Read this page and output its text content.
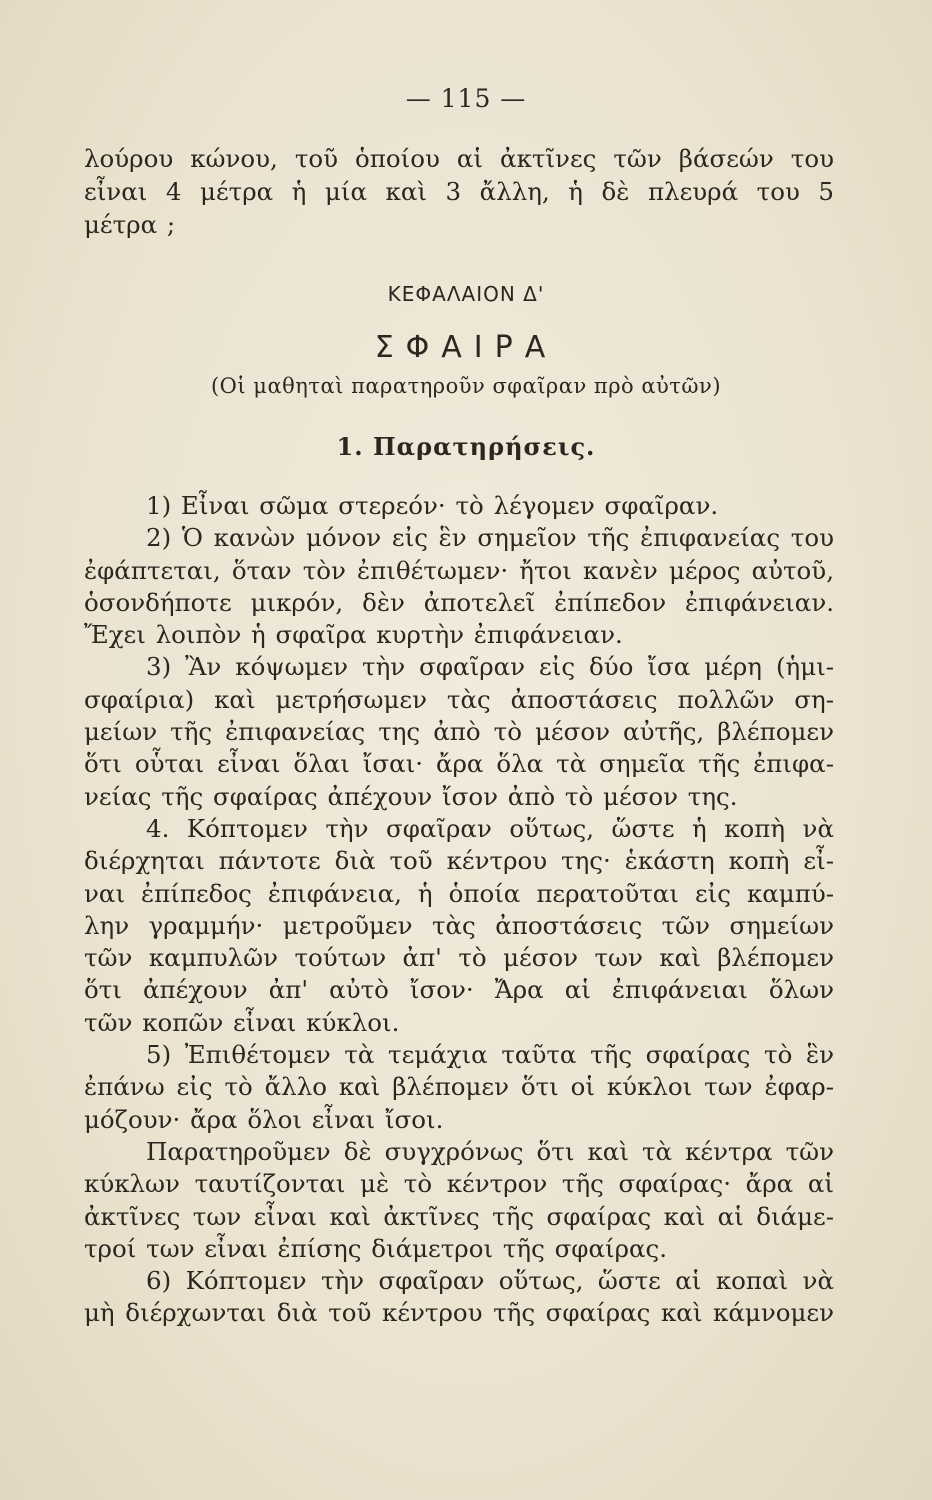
— 115 —
λούρου κώνου, τοῦ ὁποίου αἱ ἀκτῖνες τῶν βάσεών του
εἶναι 4 μέτρα ἡ μία καὶ 3 ἄλλη, ἡ δὲ πλευρά του 5
μέτρα ;
ΚΕΦΑΛΑΙΟΝ Δ'
ΣΦΑΙΡΑ
(Οἱ μαθηταὶ παρατηροῦν σφαῖραν πρὸ αὐτῶν)
1. Παρατηρήσεις.
1) Εἶναι σῶμα στερεόν· τὸ λέγομεν σφαῖραν.
2) Ὁ κανὼν μόνον εἰς ἓν σημεῖον τῆς ἐπιφανείας του
ἐφάπτεται, ὅταν τὸν ἐπιθέτωμεν· ἤτοι κανὲν μέρος αὐτοῦ,
ὁσονδήποτε μικρόν, δὲν ἀποτελεῖ ἐπίπεδον ἐπιφάνειαν.
Ἔχει λοιπὸν ἡ σφαῖρα κυρτὴν ἐπιφάνειαν.
3) Ἂν κόψωμεν τὴν σφαῖραν εἰς δύο ἴσα μέρη (ἡμι-
σφαίρια) καὶ μετρήσωμεν τὰς ἀποστάσεις πολλῶν ση-
μείων τῆς ἐπιφανείας της ἀπὸ τὸ μέσον αὐτῆς, βλέπομεν
ὅτι οὗται εἶναι ὅλαι ἴσαι· ἄρα ὅλα τὰ σημεῖα τῆς ἐπιφα-
νείας τῆς σφαίρας ἀπέχουν ἴσον ἀπὸ τὸ μέσον της.
4. Κόπτομεν τὴν σφαῖραν οὕτως, ὥστε ἡ κοπὴ νὰ
διέρχηται πάντοτε διὰ τοῦ κέντρου της· ἑκάστη κοπὴ εἶ-
ναι ἐπίπεδος ἐπιφάνεια, ἡ ὁποία περατοῦται εἰς καμπύ-
λην γραμμήν· μετροῦμεν τὰς ἀποστάσεις τῶν σημείων
τῶν καμπυλῶν τούτων ἀπ' τὸ μέσον των καὶ βλέπομεν
ὅτι ἀπέχουν ἀπ' αὐτὸ ἴσον· Ἄρα αἱ ἐπιφάνειαι ὅλων
τῶν κοπῶν εἶναι κύκλοι.
5) Ἐπιθέτομεν τὰ τεμάχια ταῦτα τῆς σφαίρας τὸ ἓν
ἐπάνω εἰς τὸ ἄλλο καὶ βλέπομεν ὅτι οἱ κύκλοι των ἐφαρ-
μόζουν· ἄρα ὅλοι εἶναι ἴσοι.
Παρατηροῦμεν δὲ συγχρόνως ὅτι καὶ τὰ κέντρα τῶν
κύκλων ταυτίζονται μὲ τὸ κέντρον τῆς σφαίρας· ἄρα αἱ
ἀκτῖνες των εἶναι καὶ ἀκτῖνες τῆς σφαίρας καὶ αἱ διάμε-
τροί των εἶναι ἐπίσης διάμετροι τῆς σφαίρας.
6) Κόπτομεν τὴν σφαῖραν οὕτως, ὥστε αἱ κοπαὶ νὰ
μὴ διέρχωνται διὰ τοῦ κέντρου τῆς σφαίρας καὶ κάμνομεν
